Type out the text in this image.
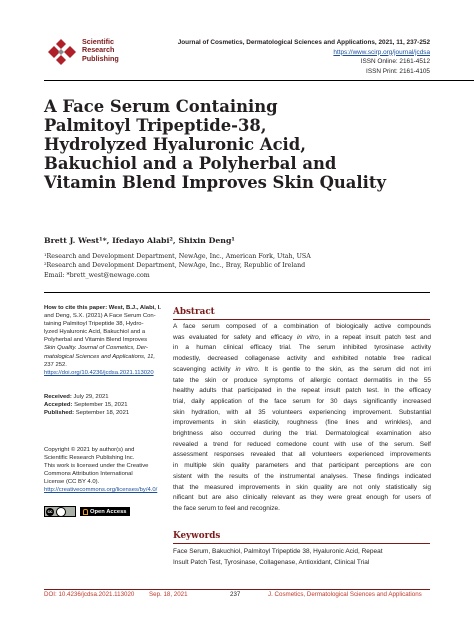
Scientific
Research
Publishing
Journal of Cosmetics, Dermatological Sciences and Applications, 2021, 11, 237-252
https://www.scirp.org/journal/jcdsa
ISSN Online: 2161-4512
ISSN Print: 2161-4105
A Face Serum Containing
Palmitoyl Tripeptide-38,
Hydrolyzed Hyaluronic Acid,
Bakuchiol and a Polyherbal and
Vitamin Blend Improves Skin Quality
Brett J. West¹*, Ifedayo Alabi², Shixin Deng¹
¹Research and Development Department, NewAge, Inc., American Fork, Utah, USA
²Research and Development Department, NewAge, Inc., Bray, Republic of Ireland
Email: *brett_west@newage.com
How to cite this paper: West, B.J., Alabi, I.
and Deng, S.X. (2021) A Face Serum Con-
taining Palmitoyl Tripeptide 38, Hydro-
lyzed Hyaluronic Acid, Bakuchiol and a
Polyherbal and Vitamin Blend Improves
Skin Quality. Journal of Cosmetics, Der-
matological Sciences and Applications, 11,
237 252.
https://doi.org/10.4236/jcdsa.2021.113020
Received: July 29, 2021
Accepted: September 15, 2021
Published: September 18, 2021
Copyright © 2021 by author(s) and
Scientific Research Publishing Inc.
This work is licensed under the Creative
Commons Attribution International
License (CC BY 4.0).
http://creativecommons.org/licenses/by/4.0/
cc	Open Access
Abstract
A face serum composed of a combination of biologically active compounds
was evaluated for safety and efficacy in vitro, in a repeat insult patch test and
in a human clinical efficacy trial. The serum inhibited tyrosinase activity
modestly, decreased collagenase activity and exhibited notable free radical
scavenging activity in vitro. It is gentle to the skin, as the serum did not irri
tate the skin or produce symptoms of allergic contact dermatitis in the 55
healthy adults that participated in the repeat insult patch test. In the efficacy
trial, daily application of the face serum for 30 days significantly increased
skin hydration, with all 35 volunteers experiencing improvement. Substantial
improvements in skin elasticity, roughness (fine lines and wrinkles), and
brightness also occurred during the trial. Dermatological examination also
revealed a trend for reduced comedone count with use of the serum. Self
assessment responses revealed that all volunteers experienced improvements
in multiple skin quality parameters and that participant perceptions are con
sistent with the results of the instrumental analyses. These findings indicated
that the measured improvements in skin quality are not only statistically sig
nificant but are also clinically relevant as they were great enough for users of
the face serum to feel and recognize.
Keywords
Face Serum, Bakuchiol, Palmitoyl Tripeptide 38, Hyaluronic Acid, Repeat
Insult Patch Test, Tyrosinase, Collagenase, Antioxidant, Clinical Trial
DOI: 10.4236/jcdsa.2021.113020 Sep. 18, 2021	237	J. Cosmetics, Dermatological Sciences and Applications
